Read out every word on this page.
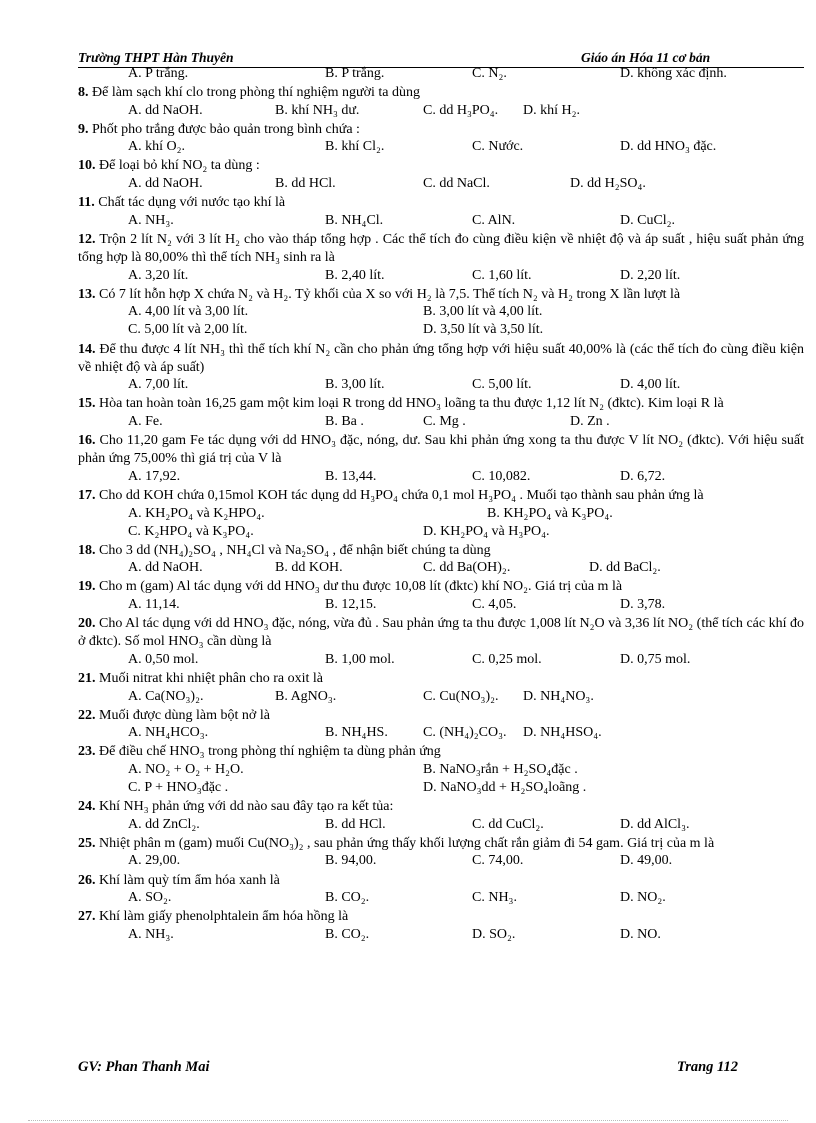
Trường THPT Hàn Thuyên	Giáo án Hóa 11 cơ bản
A. P trắng.	B. P trắng.	C. N₂.	D. không xác định.
8. Để làm sạch khí clo trong phòng thí nghiệm người ta dùng
A. dd NaOH.	B. khí NH₃ dư.	C. dd H₃PO₄. D. khí H₂.
9. Phốt pho trắng được bảo quản trong bình chứa :
A. khí O₂.	B. khí Cl₂.	C. Nước.	D. dd HNO₃ đặc.
10. Để loại bỏ khí NO₂ ta dùng :
A. dd NaOH.	B. dd HCl.	C. dd NaCl.	D. dd H₂SO₄.
11. Chất tác dụng với nước tạo khí là
A. NH₃.	B. NH₄Cl.	C. AlN.	D. CuCl₂.
12. Trộn 2 lít N₂ với 3 lít H₂ cho vào tháp tổng hợp . Các thể tích đo cùng điều kiện về nhiệt độ và áp suất , hiệu suất phản ứng tổng hợp là 80,00% thì thể tích NH₃ sinh ra là
A. 3,20 lít.	B. 2,40 lít.	C. 1,60 lít.	D. 2,20 lít.
13. Có 7 lít hỗn hợp X chứa N₂ và H₂. Tỷ khối của X so với H₂ là 7,5. Thể tích N₂ và H₂ trong X lần lượt là
A. 4,00 lít và 3,00 lít.	B. 3,00 lít và 4,00 lít.
C. 5,00 lít và 2,00 lít.	D. 3,50 lít và 3,50 lít.
14. Để thu được 4 lít NH₃ thì thể tích khí N₂ cần cho phản ứng tổng hợp với hiệu suất 40,00% là (các thể tích đo cùng điều kiện về nhiệt độ và áp suất)
A. 7,00 lít.	B. 3,00 lít.	C. 5,00 lít.	D. 4,00 lít.
15. Hòa tan hoàn toàn 16,25 gam một kim loại R trong dd HNO₃ loãng ta thu được 1,12 lít N₂ (đktc). Kim loại R là
A. Fe.	B. Ba .	C. Mg .	D. Zn .
16. Cho 11,20 gam Fe tác dụng với dd HNO₃ đặc, nóng, dư. Sau khi phản ứng xong ta thu được V lít NO₂ (đktc). Với hiệu suất phản ứng 75,00% thì giá trị của V là
A. 17,92.	B. 13,44.	C. 10,082.	D. 6,72.
17. Cho dd KOH chứa 0,15mol KOH tác dụng dd H₃PO₄ chứa 0,1 mol H₃PO₄ . Muối tạo thành sau phản ứng là
A. KH₂PO₄ và K₂HPO₄.	B. KH₂PO₄ và K₃PO₄.
C. K₂HPO₄ và K₃PO₄.	D. KH₂PO₄ và H₃PO₄.
18. Cho 3 dd (NH₄)₂SO₄ , NH₄Cl và Na₂SO₄ , để nhận biết chúng ta dùng
A. dd NaOH.	B. dd KOH.	C. dd Ba(OH)₂.	D. dd BaCl₂.
19. Cho m (gam) Al tác dụng với dd HNO₃ dư thu được 10,08 lít (đktc) khí NO₂. Giá trị của m là
A. 11,14.	B. 12,15.	C. 4,05.	D. 3,78.
20. Cho Al tác dụng với dd HNO₃ đặc, nóng, vừa đủ . Sau phản ứng ta thu được 1,008 lít N₂O và 3,36 lít NO₂ (thể tích các khí đo ở đktc). Số mol HNO₃ cần dùng là
A. 0,50 mol.	B. 1,00 mol.	C. 0,25 mol.	D. 0,75 mol.
21. Muối nitrat khi nhiệt phân cho ra oxit là
A. Ca(NO₃)₂.	B. AgNO₃.	C. Cu(NO₃)₂. D. NH₄NO₃.
22. Muối được dùng làm bột nở là
A. NH₄HCO₃.	B. NH₄HS.	C. (NH₄)₂CO₃. D. NH₄HSO₄.
23. Để điều chế HNO₃ trong phòng thí nghiệm ta dùng phản ứng
A. NO₂ + O₂ + H₂O.	B. NaNO₃rắn + H₂SO₄đặc .
C. P + HNO₃đặc .	D. NaNO₃dd + H₂SO₄loãng .
24. Khí NH₃ phản ứng với dd nào sau đây tạo ra kết tủa:
A. dd ZnCl₂.	B. dd HCl.	C. dd CuCl₂.	D. dd AlCl₃.
25. Nhiệt phân m (gam) muối Cu(NO₃)₂ , sau phản ứng thấy khối lượng chất rắn giảm đi 54 gam. Giá trị của m là
A. 29,00.	B. 94,00.	C. 74,00.	D. 49,00.
26. Khí làm quỳ tím ẩm hóa xanh là
A. SO₂.	B. CO₂.	C. NH₃.	D. NO₂.
27. Khí làm giấy phenolphtalein ẩm hóa hồng là
A. NH₃.	B. CO₂.	D. SO₂.	D. NO.
GV: Phan Thanh Mai	Trang 112
